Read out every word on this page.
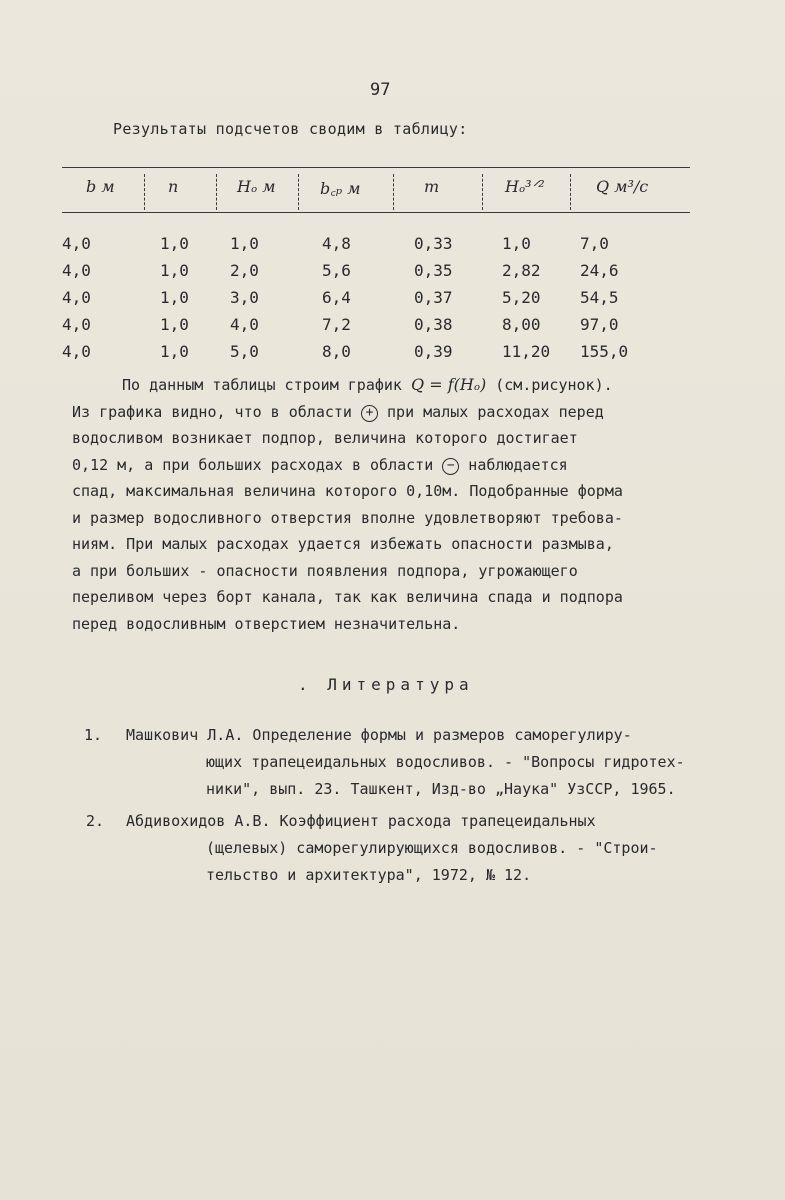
97
Результаты подсчетов сводим в таблицу:
b м	n	Hₒ м	b꜀ₚ м	m	Hₒ³ᐟ²	Q м³/с
4,0	1,0	1,0	4,8	0,33	1,0	7,0
4,0	1,0	2,0	5,6	0,35	2,82	24,6
4,0	1,0	3,0	6,4	0,37	5,20	54,5
4,0	1,0	4,0	7,2	0,38	8,00	97,0
4,0	1,0	5,0	8,0	0,39	11,20	155,0
По данным таблицы строим график Q = f(Hₒ) (см.рисунок).
Из графика видно, что в области + при малых расходах перед
водосливом возникает подпор, величина которого достигает
0,12 м, а при больших расходах в области − наблюдается
спад, максимальная величина которого 0,10м. Подобранные форма
и размер водосливного отверстия вполне удовлетворяют требова-
ниям. При малых расходах удается избежать опасности размыва,
а при больших - опасности появления подпора, угрожающего
переливом через борт канала, так как величина спада и подпора
перед водосливным отверстием незначительна.
. Литература
1. Машкович Л.А. Определение формы и размеров саморегулиру-
ющих трапецеидальных водосливов. - "Вопросы гидротех-
ники", вып. 23. Ташкент, Изд-во „Наука" УзССР, 1965.
2. Абдивохидов А.В. Коэффициент расхода трапецеидальных
(щелевых) саморегулирующихся водосливов. - "Строи-
тельство и архитектура", 1972, № 12.
